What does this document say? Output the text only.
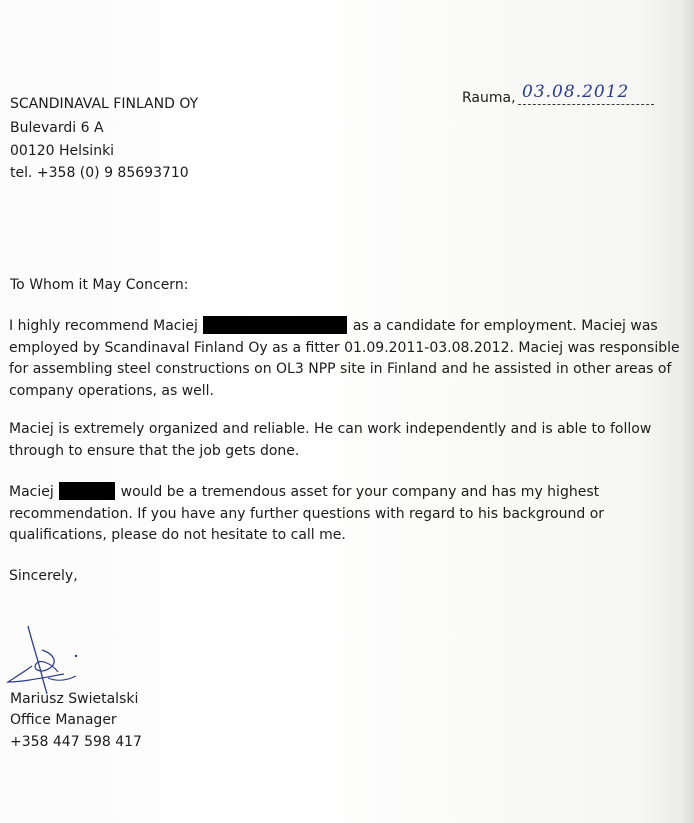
SCANDINAVAL FINLAND OY
Bulevardi 6 A
00120 Helsinki
tel. +358 (0) 9 85693710
Rauma, 03.08.2012
To Whom it May Concern:
I highly recommend Maciej	as a candidate for employment. Maciej was employed by Scandinaval Finland Oy as a fitter 01.09.2011-03.08.2012. Maciej was responsible for assembling steel constructions on OL3 NPP site in Finland and he assisted in other areas of company operations, as well.
Maciej is extremely organized and reliable. He can work independently and is able to follow through to ensure that the job gets done.
Maciej	would be a tremendous asset for your company and has my highest recommendation. If you have any further questions with regard to his background or qualifications, please do not hesitate to call me.
Sincerely,
Mariusz Swietalski
Office Manager
+358 447 598 417
